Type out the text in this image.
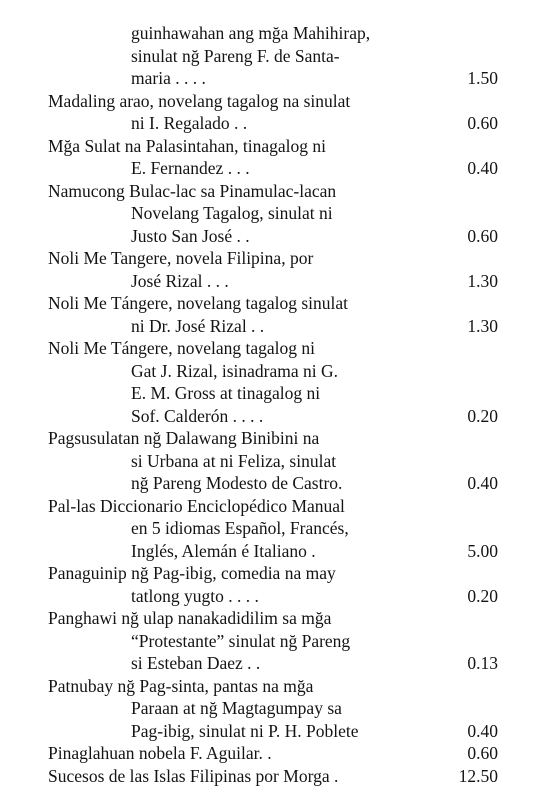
guinhawahan ang mğa Mahihirap,
sinulat nğ Pareng F. de Santa-
maria . . . .	1.50
Madaling arao, novelang tagalog na sinulat
ni I. Regalado . .	0.60
Mğa Sulat na Palasintahan, tinagalog ni
E. Fernandez . . .	0.40
Namucong Bulac-lac sa Pinamulac-lacan
Novelang Tagalog, sinulat ni
Justo San José . .	0.60
Noli Me Tangere, novela Filipina, por
José Rizal . . .	1.30
Noli Me Tángere, novelang tagalog sinulat
ni Dr. José Rizal . .	1.30
Noli Me Tángere, novelang tagalog ni
Gat J. Rizal, isinadrama ni G.
E. M. Gross at tinagalog ni
Sof. Calderón . . . .	0.20
Pagsusulatan nğ Dalawang Binibini na
si Urbana at ni Feliza, sinulat
nğ Pareng Modesto de Castro.	0.40
Pal-las Diccionario Enciclopédico Manual
en 5 idiomas Español, Francés,
Inglés, Alemán é Italiano .	5.00
Panaguinip nğ Pag-ibig, comedia na may
tatlong yugto . . . .	0.20
Panghawi nğ ulap nanakadidilim sa mğa
“Protestante” sinulat nğ Pareng
si Esteban Daez . .	0.13
Patnubay nğ Pag-sinta, pantas na mğa
Paraan at nğ Magtagumpay sa
Pag-ibig, sinulat ni P. H. Poblete	0.40
Pinaglahuan nobela F. Aguilar. .	0.60
Sucesos de las Islas Filipinas por Morga .	12.50
